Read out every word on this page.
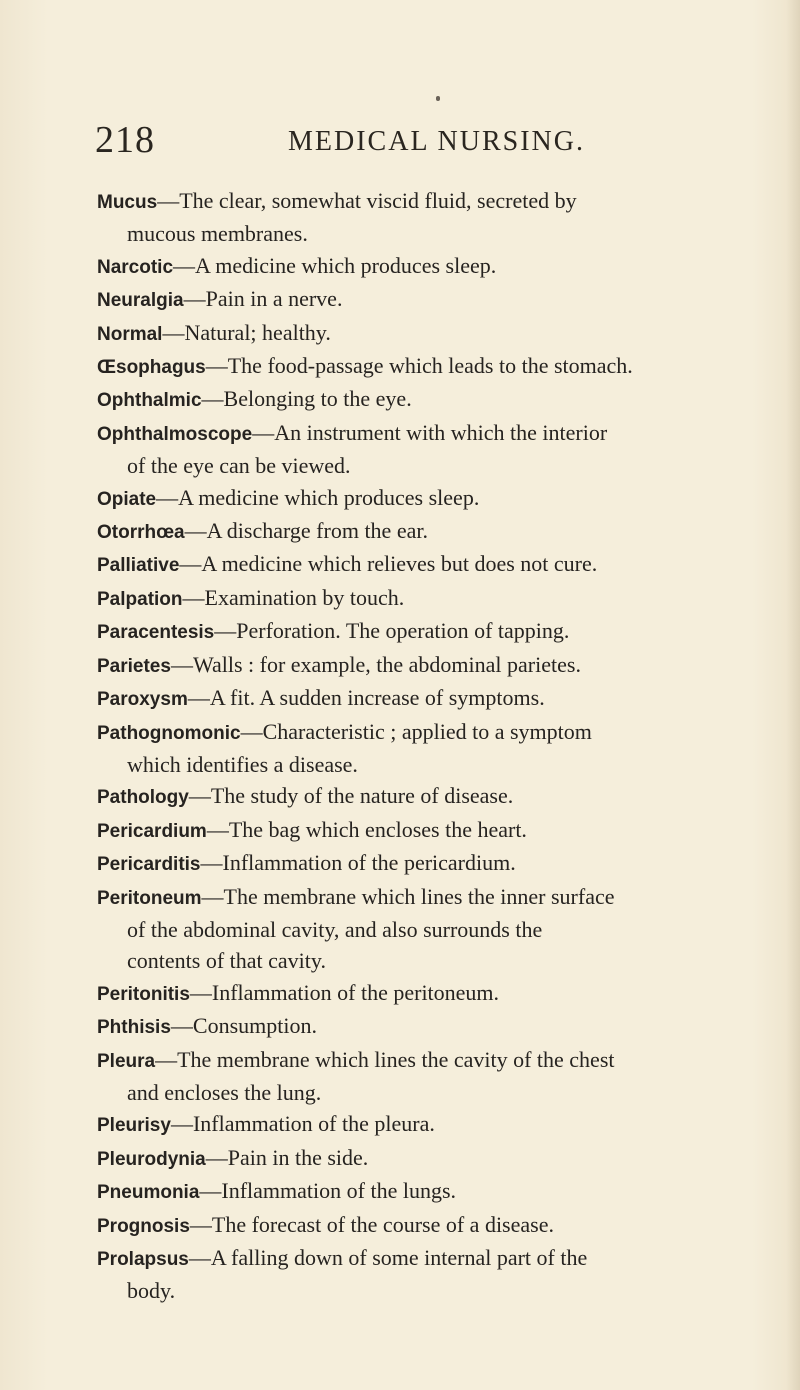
218	MEDICAL NURSING.
Mucus—The clear, somewhat viscid fluid, secreted by
mucous membranes.
Narcotic—A medicine which produces sleep.
Neuralgia—Pain in a nerve.
Normal—Natural; healthy.
Œsophagus—The food-passage which leads to the stomach.
Ophthalmic—Belonging to the eye.
Ophthalmoscope—An instrument with which the interior
of the eye can be viewed.
Opiate—A medicine which produces sleep.
Otorrhœa—A discharge from the ear.
Palliative—A medicine which relieves but does not cure.
Palpation—Examination by touch.
Paracentesis—Perforation. The operation of tapping.
Parietes—Walls : for example, the abdominal parietes.
Paroxysm—A fit. A sudden increase of symptoms.
Pathognomonic—Characteristic ; applied to a symptom
which identifies a disease.
Pathology—The study of the nature of disease.
Pericardium—The bag which encloses the heart.
Pericarditis—Inflammation of the pericardium.
Peritoneum—The membrane which lines the inner surface
of the abdominal cavity, and also surrounds the
contents of that cavity.
Peritonitis—Inflammation of the peritoneum.
Phthisis—Consumption.
Pleura—The membrane which lines the cavity of the chest
and encloses the lung.
Pleurisy—Inflammation of the pleura.
Pleurodynia—Pain in the side.
Pneumonia—Inflammation of the lungs.
Prognosis—The forecast of the course of a disease.
Prolapsus—A falling down of some internal part of the
body.
